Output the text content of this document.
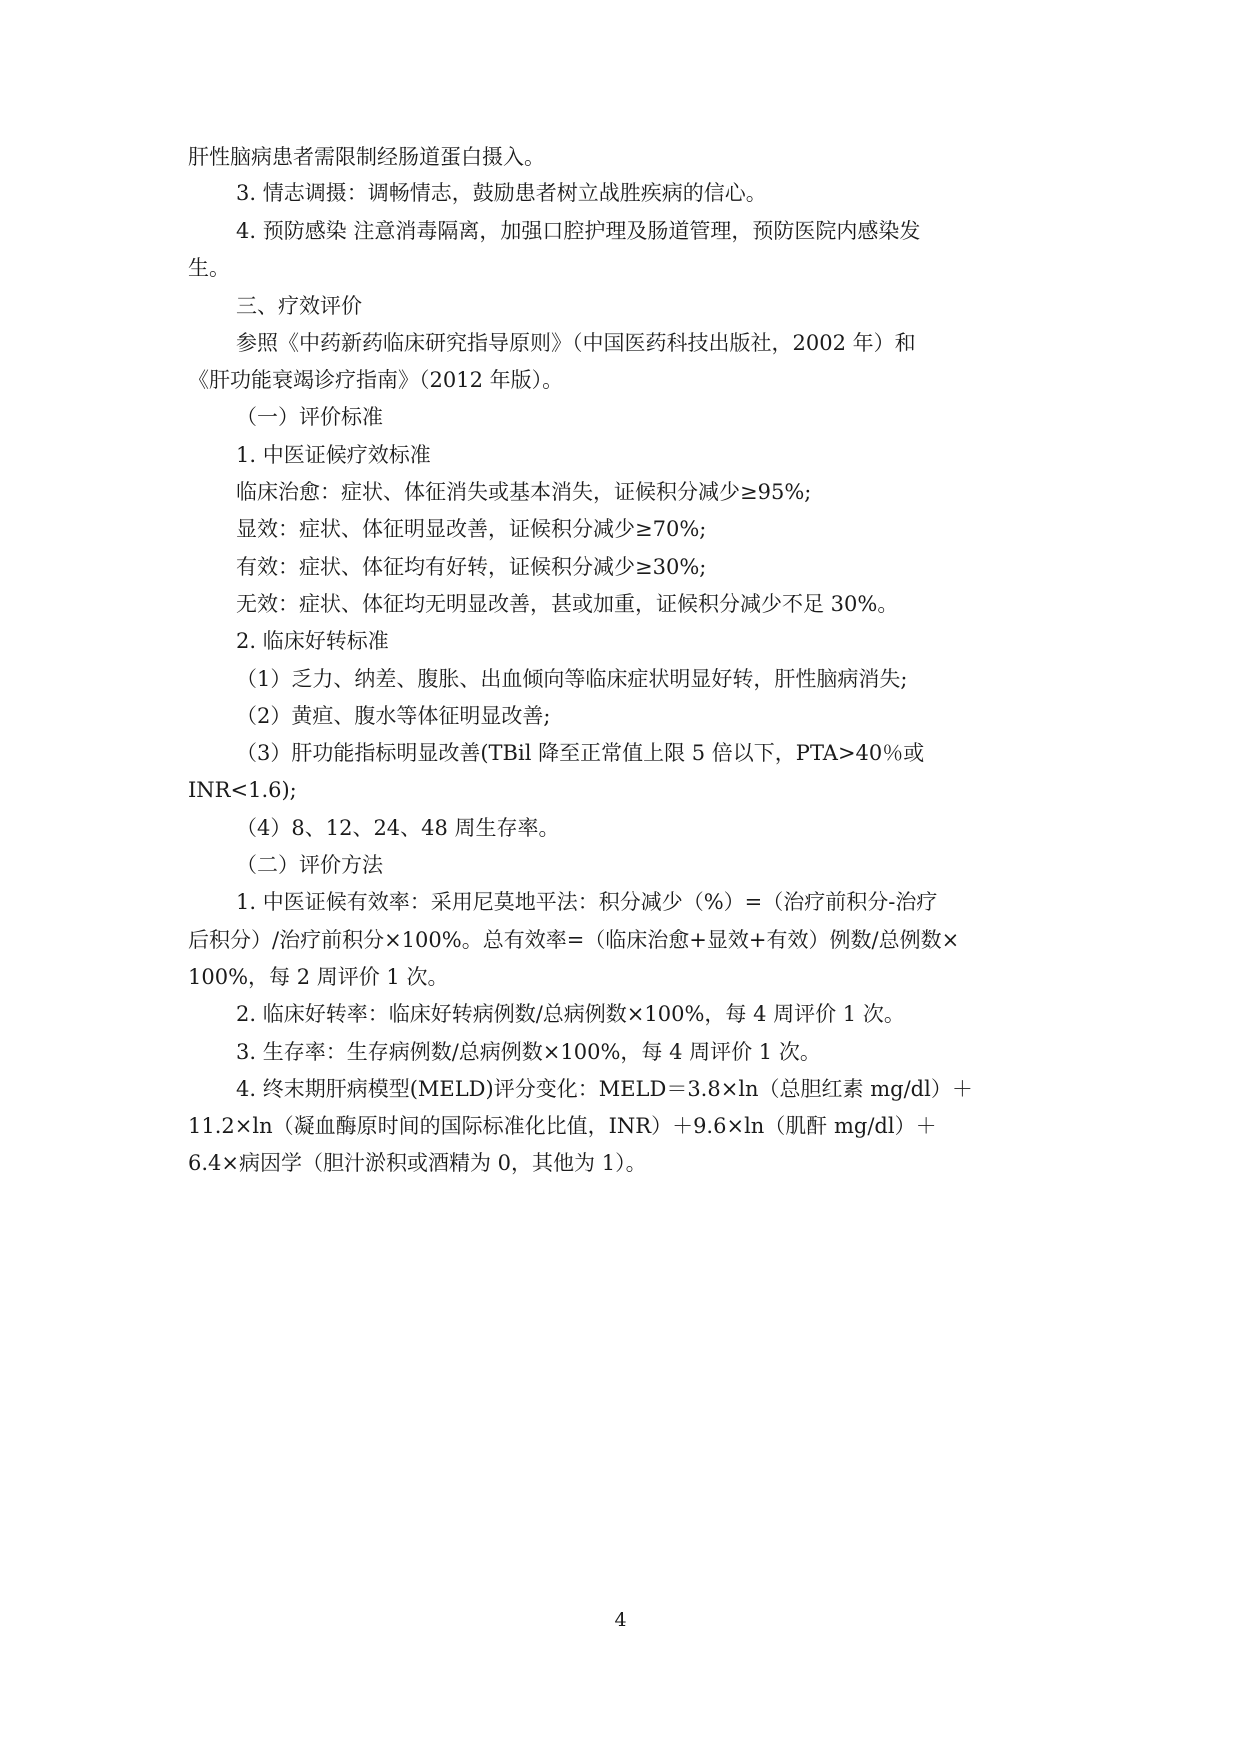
肝性脑病患者需限制经肠道蛋白摄入。
3. 情志调摄：调畅情志，鼓励患者树立战胜疾病的信心。
4. 预防感染 注意消毒隔离，加强口腔护理及肠道管理，预防医院内感染发
生。
三、疗效评价
参照《中药新药临床研究指导原则》（中国医药科技出版社，2002 年）和
《肝功能衰竭诊疗指南》（2012 年版）。
（一）评价标准
1. 中医证候疗效标准
临床治愈：症状、体征消失或基本消失，证候积分减少≥95%;
显效：症状、体征明显改善，证候积分减少≥70%;
有效：症状、体征均有好转，证候积分减少≥30%;
无效：症状、体征均无明显改善，甚或加重，证候积分减少不足 30%。
2. 临床好转标准
（1）乏力、纳差、腹胀、出血倾向等临床症状明显好转，肝性脑病消失;
（2）黄疸、腹水等体征明显改善;
（3）肝功能指标明显改善(TBil 降至正常值上限 5 倍以下，PTA>40％或
INR<1.6);
（4）8、12、24、48 周生存率。
（二）评价方法
1. 中医证候有效率：采用尼莫地平法：积分减少（%）=（治疗前积分-治疗
后积分）/治疗前积分×100%。总有效率=（临床治愈+显效+有效）例数/总例数×
100%，每 2 周评价 1 次。
2. 临床好转率：临床好转病例数/总病例数×100%，每 4 周评价 1 次。
3. 生存率：生存病例数/总病例数×100%，每 4 周评价 1 次。
4. 终末期肝病模型(MELD)评分变化：MELD＝3.8×ln（总胆红素 mg/dl）＋
11.2×ln（凝血酶原时间的国际标准化比值，INR）＋9.6×ln（肌酐 mg/dl）＋
6.4×病因学（胆汁淤积或酒精为 0，其他为 1）。
4
